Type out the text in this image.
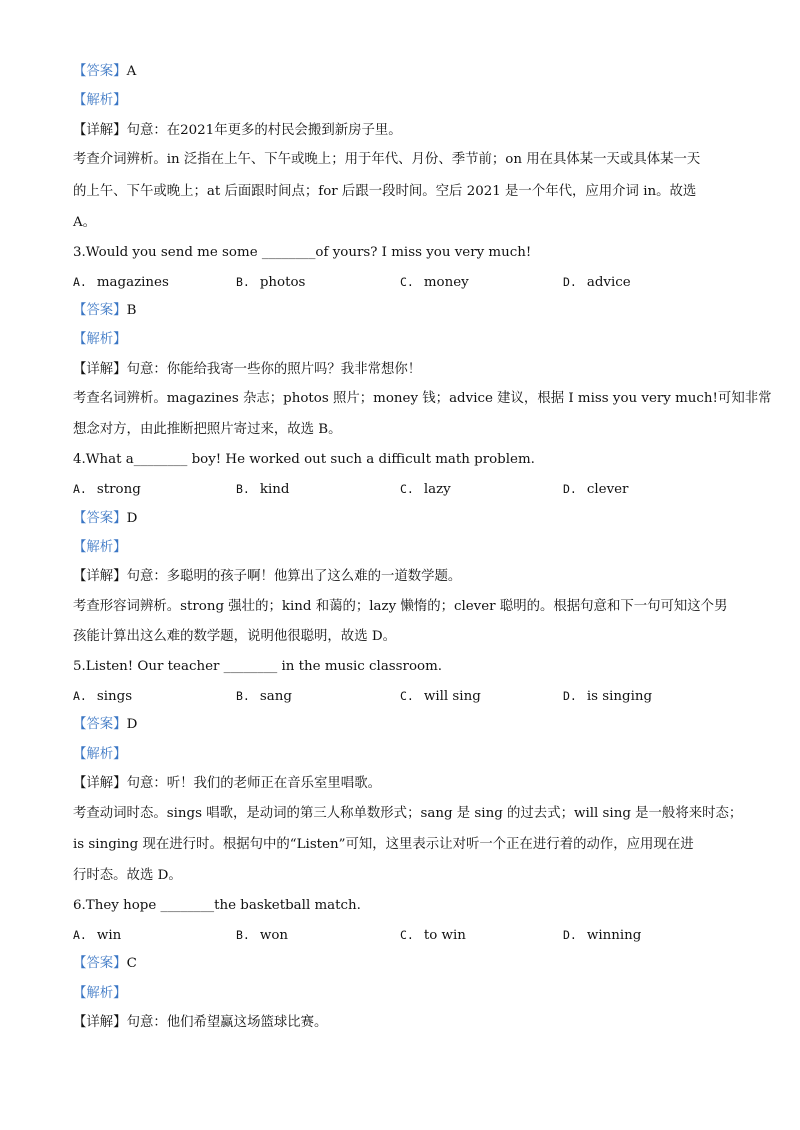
【答案】A
【解析】
【详解】句意：在2021年更多的村民会搬到新房子里。
考查介词辨析。in 泛指在上午、下午或晚上；用于年代、月份、季节前；on 用在具体某一天或具体某一天
的上午、下午或晚上；at 后面跟时间点；for 后跟一段时间。空后 2021 是一个年代，应用介词 in。故选
A。
3.Would you send me some ________of yours? I miss you very much!
A. magazines	B. photos	C. money	D. advice
【答案】B
【解析】
【详解】句意：你能给我寄一些你的照片吗？我非常想你！
考查名词辨析。magazines 杂志；photos 照片；money 钱；advice 建议，根据 I miss you very much!可知非常
想念对方，由此推断把照片寄过来，故选 B。
4.What a________ boy! He worked out such a difficult math problem.
A. strong	B. kind	C. lazy	D. clever
【答案】D
【解析】
【详解】句意：多聪明的孩子啊！他算出了这么难的一道数学题。
考查形容词辨析。strong 强壮的；kind 和蔼的；lazy 懒惰的；clever 聪明的。根据句意和下一句可知这个男
孩能计算出这么难的数学题，说明他很聪明，故选 D。
5.Listen! Our teacher ________ in the music classroom.
A. sings	B. sang	C. will sing	D. is singing
【答案】D
【解析】
【详解】句意：听！我们的老师正在音乐室里唱歌。
考查动词时态。sings 唱歌，是动词的第三人称单数形式；sang 是 sing 的过去式；will sing 是一般将来时态；
is singing 现在进行时。根据句中的“Listen”可知，这里表示让对听一个正在进行着的动作，应用现在进
行时态。故选 D。
6.They hope ________the basketball match.
A. win	B. won	C. to win	D. winning
【答案】C
【解析】
【详解】句意：他们希望赢这场篮球比赛。
